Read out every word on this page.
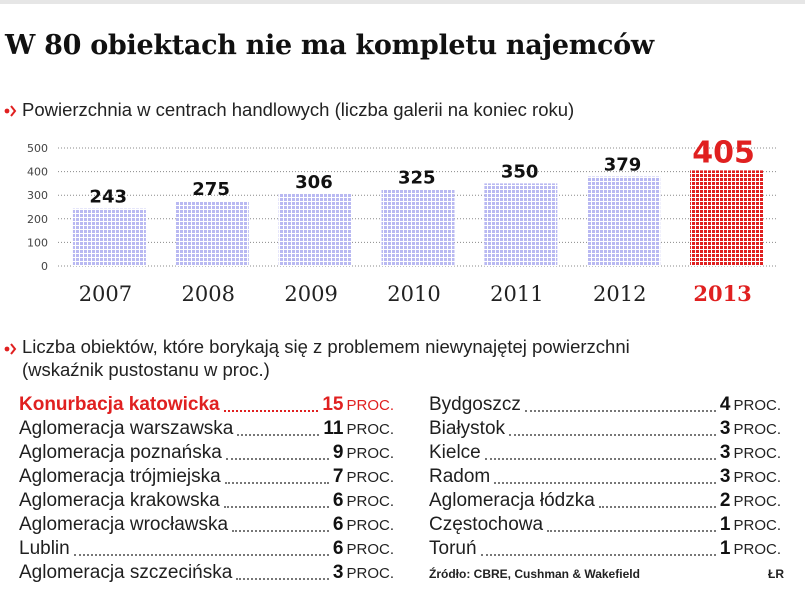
W 80 obiektach nie ma kompletu najemców

Powierzchnia w centrach handlowych (liczba galerii na koniec roku)

0
100
200
300
400
500
243
2007
275
2008
306
2009
325
2010
350
2011
379
2012
405
2013

Liczba obiektów, które borykają się z problemem niewynajętej powierzchni

(wskaźnik pustostanu w proc.)

Konurbacja katowicka	15 PROC.
Aglomeracja warszawska	11 PROC.
Aglomeracja poznańska	9 PROC.
Aglomeracja trójmiejska	7 PROC.
Aglomeracja krakowska	6 PROC.
Aglomeracja wrocławska	6 PROC.
Lublin	6 PROC.
Aglomeracja szczecińska	3 PROC.
Bydgoszcz	4 PROC.
Białystok	3 PROC.
Kielce	3 PROC.
Radom	3 PROC.
Aglomeracja łódzka	2 PROC.
Częstochowa	1 PROC.
Toruń	1 PROC.
Źródło: CBRE, Cushman & Wakefield	ŁR
